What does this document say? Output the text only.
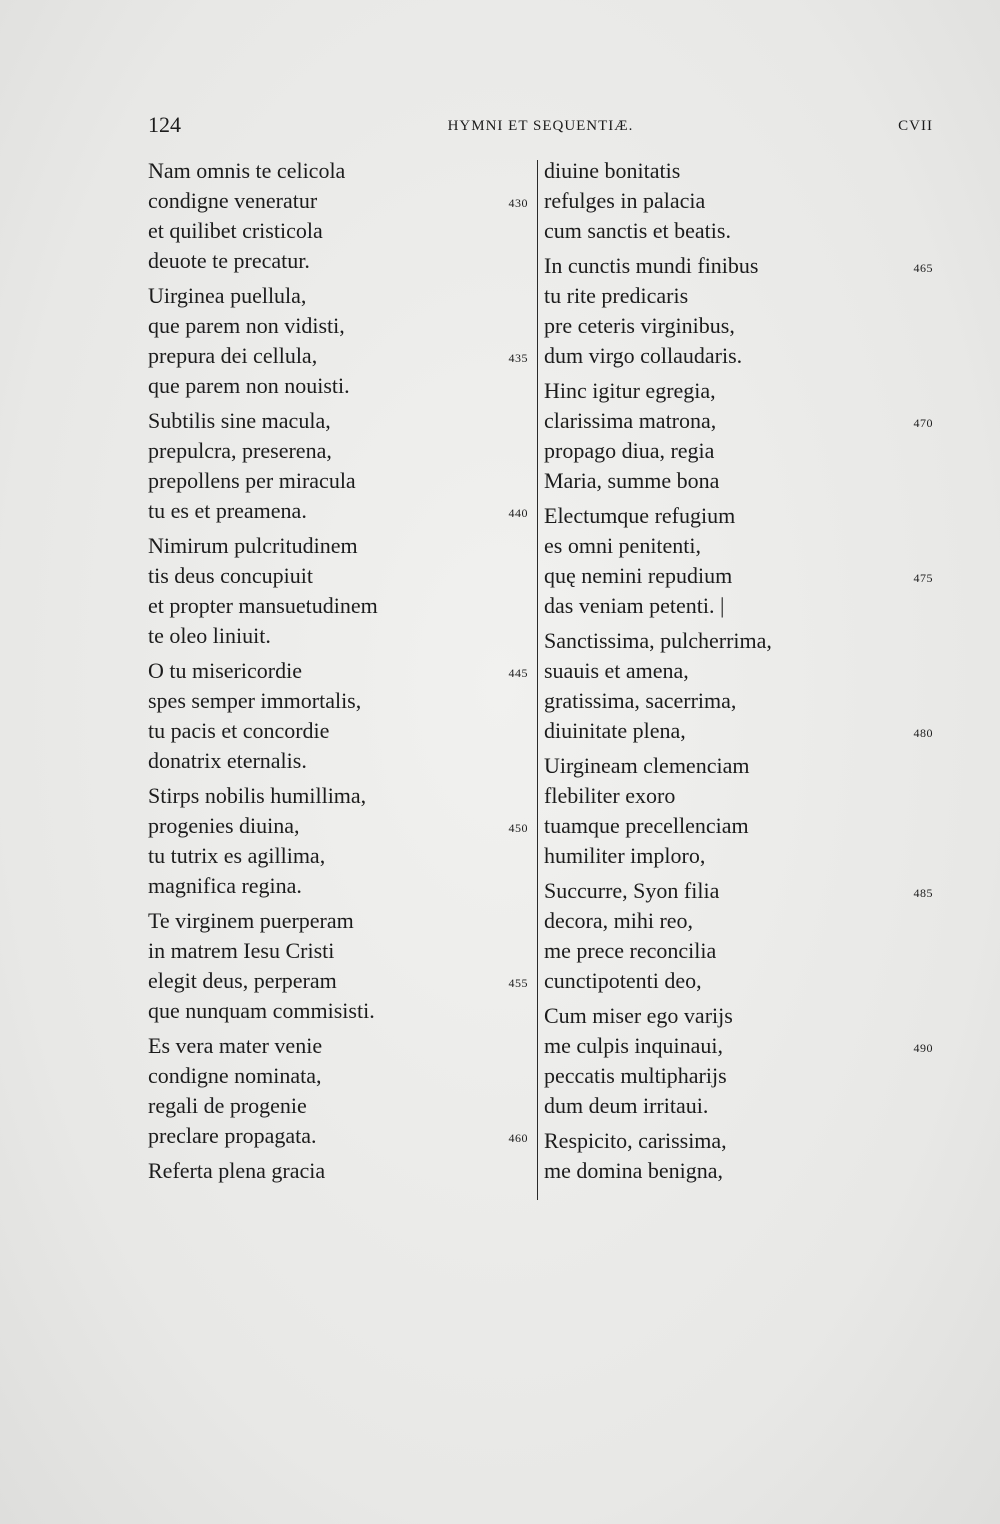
124	HYMNI ET SEQUENTIÆ.	CVII
Nam omnis te celicola
condigne veneratur	430
et quilibet cristicola
deuote te precatur.
Uirginea puellula,
que parem non vidisti,
prepura dei cellula,	435
que parem non nouisti.
Subtilis sine macula,
prepulcra, preserena,
prepollens per miracula
tu es et preamena.	440
Nimirum pulcritudinem
tis deus concupiuit
et propter mansuetudinem
te oleo liniuit.
O tu misericordie	445
spes semper immortalis,
tu pacis et concordie
donatrix eternalis.
Stirps nobilis humillima,
progenies diuina,	450
tu tutrix es agillima,
magnifica regina.
Te virginem puerperam
in matrem Iesu Cristi
elegit deus, perperam	455
que nunquam commisisti.
Es vera mater venie
condigne nominata,
regali de progenie
preclare propagata.	460
Referta plena gracia
diuine bonitatis
refulges in palacia
cum sanctis et beatis.
In cunctis mundi finibus	465
tu rite predicaris
pre ceteris virginibus,
dum virgo collaudaris.
Hinc igitur egregia,
clarissima matrona,	470
propago diua, regia
Maria, summe bona
Electumque refugium
es omni penitenti,
quę nemini repudium	475
das veniam petenti. |
Sanctissima, pulcherrima,
suauis et amena,
gratissima, sacerrima,
diuinitate plena,	480
Uirgineam clemenciam
flebiliter exoro
tuamque precellenciam
humiliter imploro,
Succurre, Syon filia	485
decora, mihi reo,
me prece reconcilia
cunctipotenti deo,
Cum miser ego varijs
me culpis inquinaui,	490
peccatis multipharijs
dum deum irritaui.
Respicito, carissima,
me domina benigna,
